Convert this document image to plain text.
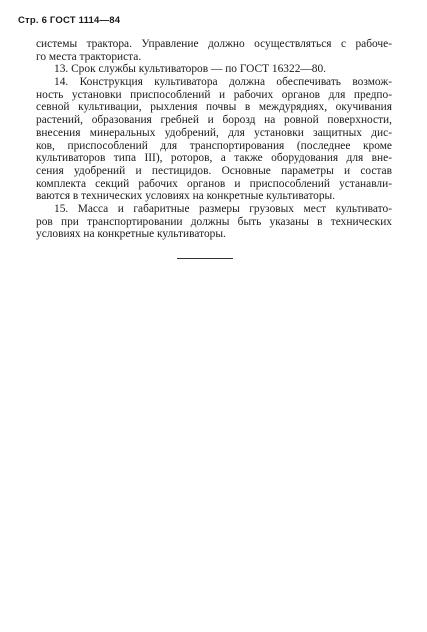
Стр. 6 ГОСТ 1114—84
системы трактора. Управление должно осуществляться с рабоче-
го места тракториста.
13. Срок службы культиваторов — по ГОСТ 16322—80.
14. Конструкция культиватора должна обеспечивать возмож-
ность установки приспособлений и рабочих органов для предпо-
севной культивации, рыхления почвы в междурядиях, окучивания
растений, образования гребней и борозд на ровной поверхности,
внесения минеральных удобрений, для установки защитных дис-
ков, приспособлений для транспортирования (последнее кроме
культиваторов типа III), роторов, а также оборудования для вне-
сения удобрений и пестицидов. Основные параметры и состав
комплекта секций рабочих органов и приспособлений устанавли-
ваются в технических условиях на конкретные культиваторы.
15. Масса и габаритные размеры грузовых мест культивато-
ров при транспортировании должны быть указаны в технических
условиях на конкретные культиваторы.
